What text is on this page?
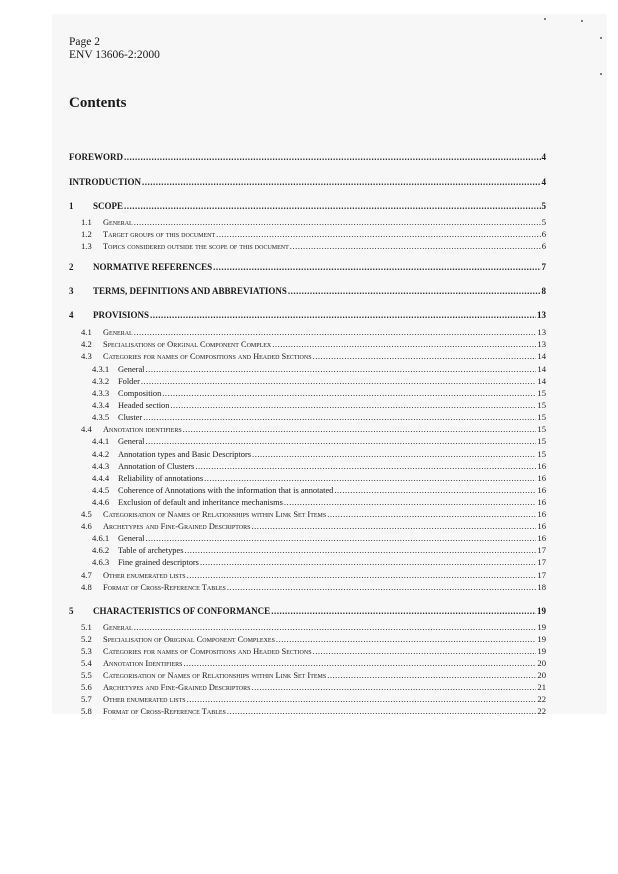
Page 2
ENV 13606-2:2000
Contents
FOREWORD .....	4
INTRODUCTION .....	4
1	SCOPE .....	5
1.1	General .....	5
1.2	Target groups of this document .....	6
1.3	Topics considered outside the scope of this document .....	6
2	NORMATIVE REFERENCES .....	7
3	TERMS, DEFINITIONS AND ABBREVIATIONS .....	8
4	PROVISIONS .....	13
4.1	General .....	13
4.2	Specialisations of Original Component Complex .....	13
4.3	Categories for names of Compositions and Headed Sections .....	14
4.3.1	General .....	14
4.3.2	Folder .....	14
4.3.3	Composition .....	15
4.3.4	Headed section .....	15
4.3.5	Cluster .....	15
4.4	Annotation identifiers .....	15
4.4.1	General .....	15
4.4.2	Annotation types and Basic Descriptors .....	15
4.4.3	Annotation of Clusters .....	16
4.4.4	Reliability of annotations .....	16
4.4.5	Coherence of Annotations with the information that is annotated .....	16
4.4.6	Exclusion of default and inheritance mechanisms .....	16
4.5	Categorisation of Names of Relationships within Link Set Items .....	16
4.6	Archetypes and Fine-Grained Descriptors .....	16
4.6.1	General .....	16
4.6.2	Table of archetypes .....	17
4.6.3	Fine grained descriptors .....	17
4.7	Other enumerated lists .....	17
4.8	Format of Cross-Reference Tables .....	18
5	CHARACTERISTICS OF CONFORMANCE .....	19
5.1	General .....	19
5.2	Specialisation of Original Component Complexes .....	19
5.3	Categories for names of Compositions and Headed Sections .....	19
5.4	Annotation Identifiers .....	20
5.5	Categorisation of Names of Relationships within Link Set Items .....	20
5.6	Archetypes and Fine-Grained Descriptors .....	21
5.7	Other enumerated lists .....	22
5.8	Format of Cross-Reference Tables .....	22
